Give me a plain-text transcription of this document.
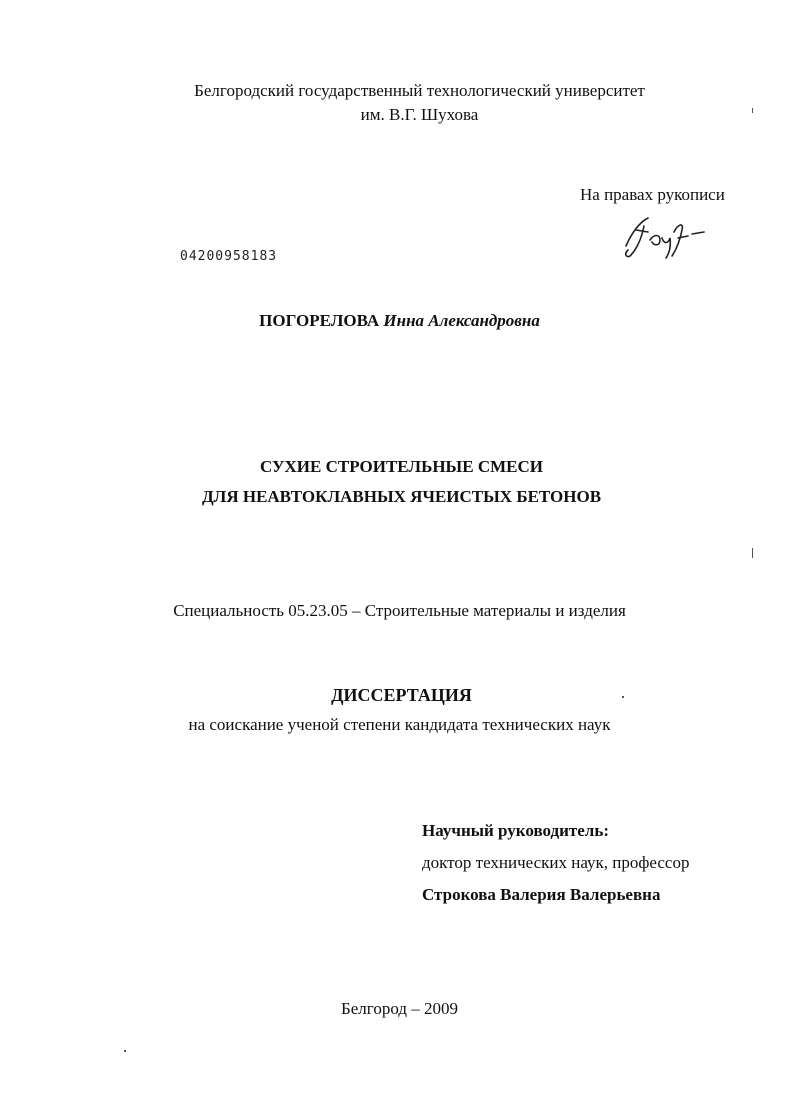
Белгородский государственный технологический университет
им. В.Г. Шухова
На правах рукописи
04200958183
ПОГОРЕЛОВА Инна Александровна
СУХИЕ СТРОИТЕЛЬНЫЕ СМЕСИ
ДЛЯ НЕАВТОКЛАВНЫХ ЯЧЕИСТЫХ БЕТОНОВ
Специальность 05.23.05 – Строительные материалы и изделия
ДИССЕРТАЦИЯ
на соискание ученой степени кандидата технических наук
Научный руководитель:
доктор технических наук, профессор
Строкова Валерия Валерьевна
Белгород – 2009
